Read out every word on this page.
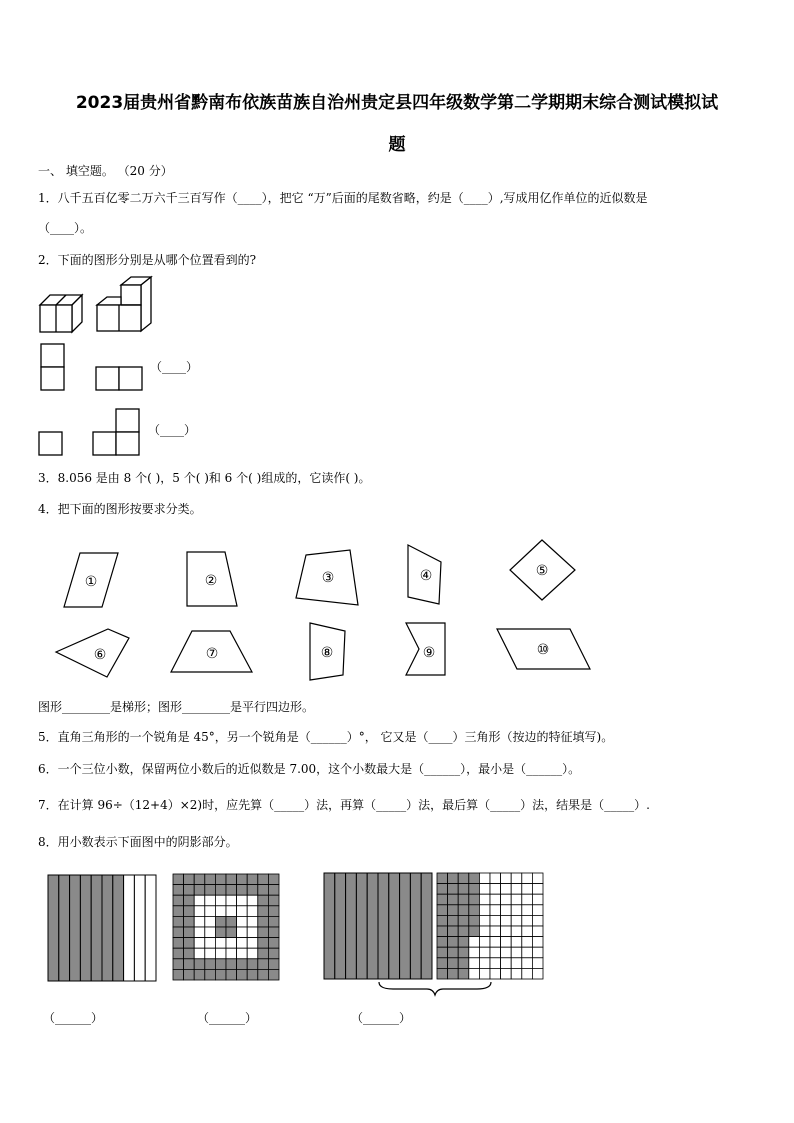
2023届贵州省黔南布依族苗族自治州贵定县四年级数学第二学期期末综合测试模拟试
题
一、 填空题。 （20 分）
1．八千五百亿零二万六千三百写作（____），把它 “万”后面的尾数省略，约是（____）,写成用亿作单位的近似数是
（____）。
2．下面的图形分别是从哪个位置看到的?
（____）
（____）
3．8.056 是由 8 个( )，5 个( )和 6 个( )组成的，它读作( )。
4．把下面的图形按要求分类。
①	②	③	④	⑤
⑥	⑦	⑧	⑨	⑩
图形________是梯形；图形________是平行四边形。
5．直角三角形的一个锐角是 45°，另一个锐角是（______）°， 它又是（____）三角形（按边的特征填写)。
6．一个三位小数，保留两位小数后的近似数是 7.00，这个小数最大是（______），最小是（______）。
7．在计算 96÷（12+4）×2)时，应先算（_____）法，再算（_____）法，最后算（_____）法，结果是（_____）.
8．用小数表示下面图中的阴影部分。
（______）	（______）	（______）
